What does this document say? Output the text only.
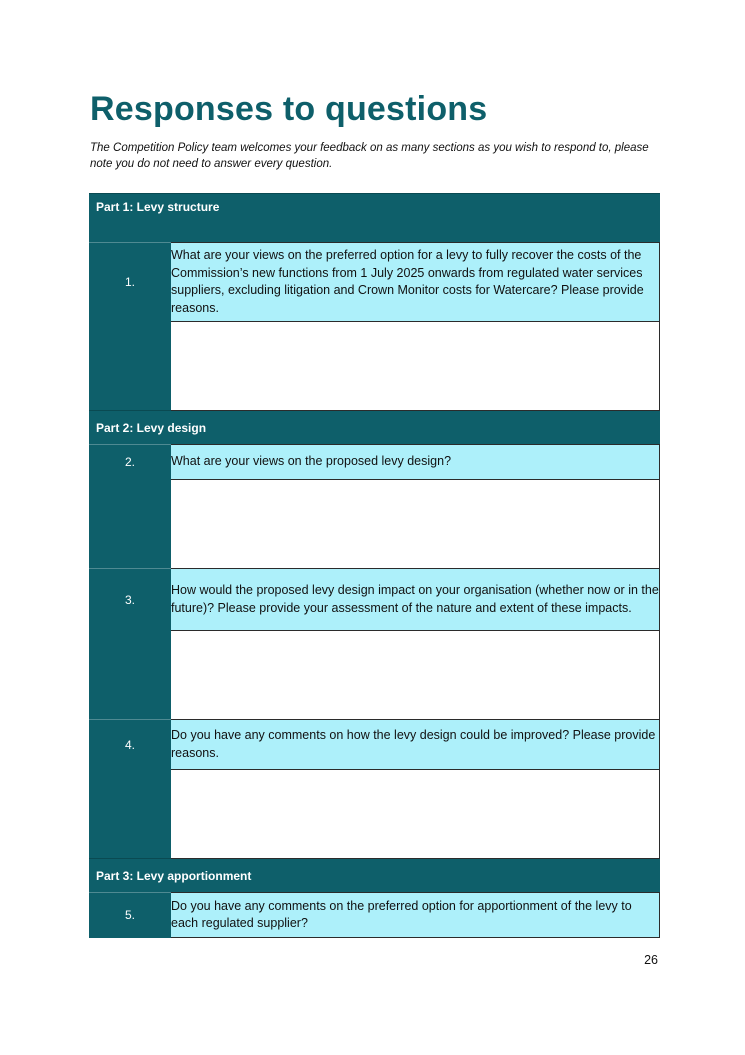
Responses to questions

The Competition Policy team welcomes your feedback on as many sections as you wish to respond to, please note you do not need to answer every question.

Part 1: Levy structure	
1.	What are your views on the preferred option for a levy to fully recover the costs of the Commission’s new functions from 1 July 2025 onwards from regulated water services suppliers, excluding litigation and Crown Monitor costs for Watercare? Please provide reasons.

Part 2: Levy design	
2.	What are your views on the proposed levy design?

3.	How would the proposed levy design impact on your organisation (whether now or in the future)? Please provide your assessment of the nature and extent of these impacts.

4.	Do you have any comments on how the levy design could be improved? Please provide reasons.

Part 3: Levy apportionment	
5.	Do you have any comments on the preferred option for apportionment of the levy to each regulated supplier?

26
